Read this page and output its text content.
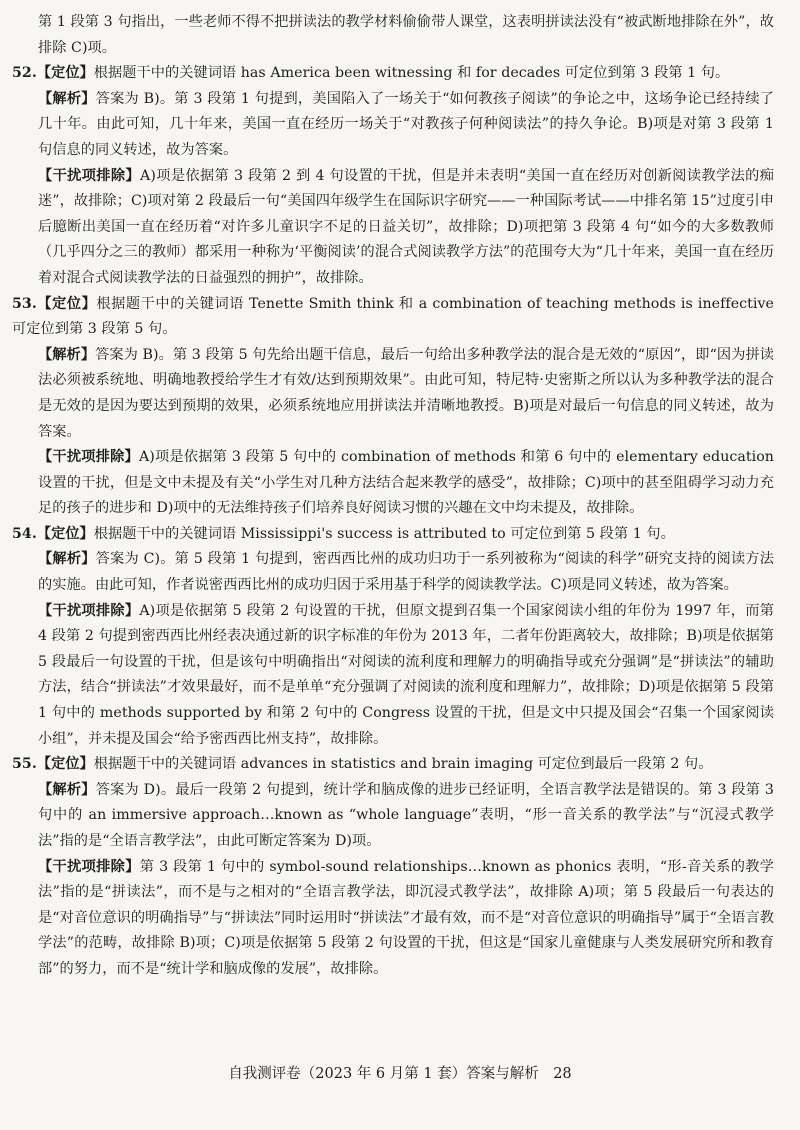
第 1 段第 3 句指出，一些老师不得不把拼读法的教学材料偷偷带人课堂，这表明拼读法没有“被武断地排除在外”，故排除 C)项。

52.【定位】根据题干中的关键词语 has America been witnessing 和 for decades 可定位到第 3 段第 1 句。

【解析】答案为 B)。第 3 段第 1 句提到，美国陷入了一场关于“如何教孩子阅读”的争论之中，这场争论已经持续了几十年。由此可知，几十年来，美国一直在经历一场关于“对教孩子何种阅读法”的持久争论。B)项是对第 3 段第 1 句信息的同义转述，故为答案。

【干扰项排除】A)项是依据第 3 段第 2 到 4 句设置的干扰，但是并未表明“美国一直在经历对创新阅读教学法的痴迷”，故排除；C)项对第 2 段最后一句“美国四年级学生在国际识字研究——一种国际考试——中排名第 15”过度引申后臆断出美国一直在经历着“对许多儿童识字不足的日益关切”，故排除；D)项把第 3 段第 4 句“如今的大多数教师（几乎四分之三的教师）都采用一种称为‘平衡阅读’的混合式阅读教学方法”的范围夸大为“几十年来，美国一直在经历着对混合式阅读教学法的日益强烈的拥护”，故排除。

53.【定位】根据题干中的关键词语 Tenette Smith think 和 a combination of teaching methods is ineffective 可定位到第 3 段第 5 句。

【解析】答案为 B)。第 3 段第 5 句先给出题干信息，最后一句给出多种教学法的混合是无效的“原因”，即“因为拼读法必须被系统地、明确地教授给学生才有效/达到预期效果”。由此可知，特尼特·史密斯之所以认为多种教学法的混合是无效的是因为要达到预期的效果，必须系统地应用拼读法并清晰地教授。B)项是对最后一句信息的同义转述，故为答案。

【干扰项排除】A)项是依据第 3 段第 5 句中的 combination of methods 和第 6 句中的 elementary education 设置的干扰，但是文中未提及有关“小学生对几种方法结合起来教学的感受”，故排除；C)项中的甚至阻碍学习动力充足的孩子的进步和 D)项中的无法维持孩子们培养良好阅读习惯的兴趣在文中均未提及，故排除。

54.【定位】根据题干中的关键词语 Mississippi's success is attributed to 可定位到第 5 段第 1 句。

【解析】答案为 C)。第 5 段第 1 句提到，密西西比州的成功归功于一系列被称为“阅读的科学”研究支持的阅读方法的实施。由此可知，作者说密西西比州的成功归因于采用基于科学的阅读教学法。C)项是同义转述，故为答案。

【干扰项排除】A)项是依据第 5 段第 2 句设置的干扰，但原文提到召集一个国家阅读小组的年份为 1997 年，而第 4 段第 2 句提到密西西比州经表决通过新的识字标准的年份为 2013 年，二者年份距离较大，故排除；B)项是依据第 5 段最后一句设置的干扰，但是该句中明确指出“对阅读的流利度和理解力的明确指导或充分强调”是“拼读法”的辅助方法，结合“拼读法”才效果最好，而不是单单“充分强调了对阅读的流利度和理解力”，故排除；D)项是依据第 5 段第 1 句中的 methods supported by 和第 2 句中的 Congress 设置的干扰，但是文中只提及国会“召集一个国家阅读小组”，并未提及国会“给予密西西比州支持”，故排除。

55.【定位】根据题干中的关键词语 advances in statistics and brain imaging 可定位到最后一段第 2 句。

【解析】答案为 D)。最后一段第 2 句提到，统计学和脑成像的进步已经证明，全语言教学法是错误的。第 3 段第 3 句中的 an immersive approach…known as “whole language”表明，“形一音关系的教学法”与“沉浸式教学法”指的是“全语言教学法”，由此可断定答案为 D)项。

【干扰项排除】第 3 段第 1 句中的 symbol-sound relationships…known as phonics 表明，“形-音关系的教学法”指的是“拼读法”，而不是与之相对的“全语言教学法，即沉浸式教学法”，故排除 A)项；第 5 段最后一句表达的是“对音位意识的明确指导”与“拼读法”同时运用时“拼读法”才最有效，而不是“对音位意识的明确指导”属于“全语言教学法”的范畴，故排除 B)项；C)项是依据第 5 段第 2 句设置的干扰，但这是“国家儿童健康与人类发展研究所和教育部”的努力，而不是“统计学和脑成像的发展”，故排除。

自我测评卷（2023 年 6 月第 1 套）答案与解析　28
